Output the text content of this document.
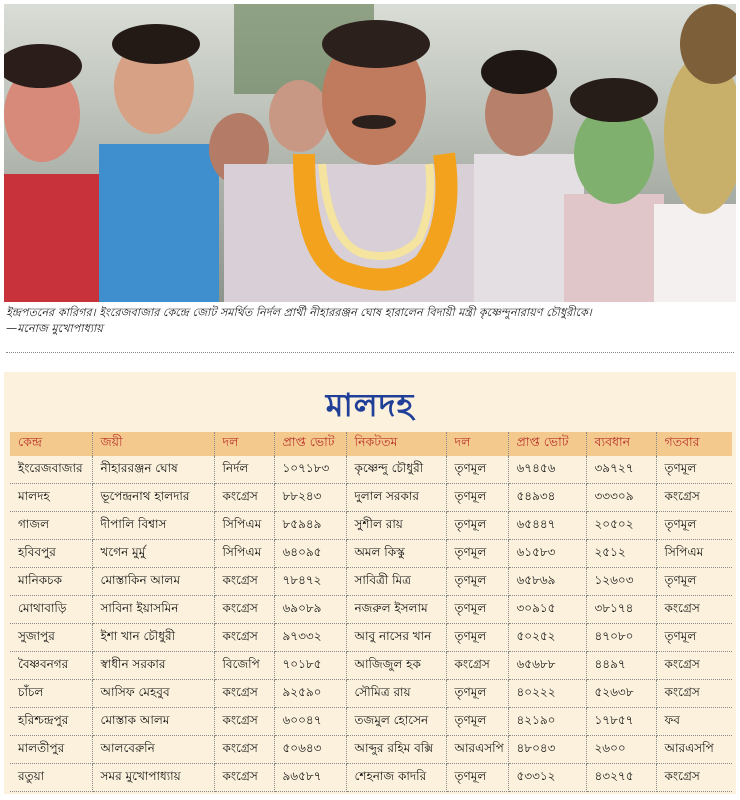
ইন্দ্রপতনের কারিগর। ইংরেজবাজার কেন্দ্রে জোট সমর্থিত নির্দল প্রার্থী নীহাররঞ্জন ঘোষ হারালেন বিদায়ী মন্ত্রী কৃষ্ণেন্দুনারায়ণ চৌধুরীকে।
—মনোজ মুখোপাধ্যায়
মালদহ
কেন্দ্র	জয়ী	দল	প্রাপ্ত ভোট	নিকটতম	দল	প্রাপ্ত ভোট	ব্যবধান	গতবার
ইংরেজবাজার	নীহাররঞ্জন ঘোষ	নির্দল	১০৭১৮৩	কৃষ্ণেন্দু চৌধুরী	তৃণমূল	৬৭৪৫৬	৩৯৭২৭	তৃণমূল
মালদহ	ভূপেন্দ্রনাথ হালদার	কংগ্রেস	৮৮২৪৩	দুলাল সরকার	তৃণমূল	৫৪৯৩৪	৩৩৩০৯	কংগ্রেস
গাজল	দীপালি বিশ্বাস	সিপিএম	৮৫৯৪৯	সুশীল রায়	তৃণমূল	৬৫৪৪৭	২০৫০২	তৃণমূল
হবিবপুর	খগেন মুর্মু	সিপিএম	৬৪০৯৫	অমল কিস্কু	তৃণমূল	৬১৫৮৩	২৫১২	সিপিএম
মানিকচক	মোস্তাকিন আলম	কংগ্রেস	৭৮৪৭২	সাবিত্রী মিত্র	তৃণমূল	৬৫৮৬৯	১২৬০৩	তৃণমূল
মোথাবাড়ি	সাবিনা ইয়াসমিন	কংগ্রেস	৬৯০৮৯	নজরুল ইসলাম	তৃণমূল	৩০৯১৫	৩৮১৭৪	কংগ্রেস
সুজাপুর	ইশা খান চৌধুরী	কংগ্রেস	৯৭৩৩২	আবু নাসের খান	তৃণমূল	৫০২৫২	৪৭০৮০	তৃণমূল
বৈষ্ণবনগর	স্বাধীন সরকার	বিজেপি	৭০১৮৫	আজিজুল হক	কংগ্রেস	৬৫৬৮৮	৪৪৯৭	কংগ্রেস
চাঁচল	আসিফ মেহবুব	কংগ্রেস	৯২৫৯০	সৌমিত্র রায়	তৃণমূল	৪০২২২	৫২৬৩৮	কংগ্রেস
হরিশ্চন্দ্রপুর	মোস্তাক আলম	কংগ্রেস	৬০০৪৭	তজমুল হোসেন	তৃণমূল	৪২১৯০	১৭৮৫৭	ফব
মালতীপুর	আলবেরুনি	কংগ্রেস	৫০৬৪৩	আব্দুর রহিম বক্সি	আরএসপি	৪৮০৪৩	২৬০০	আরএসপি
রতুয়া	সমর মুখোপাধ্যায়	কংগ্রেস	৯৬৫৮৭	শেহনাজ কাদরি	তৃণমূল	৫৩৩১২	৪৩২৭৫	কংগ্রেস
